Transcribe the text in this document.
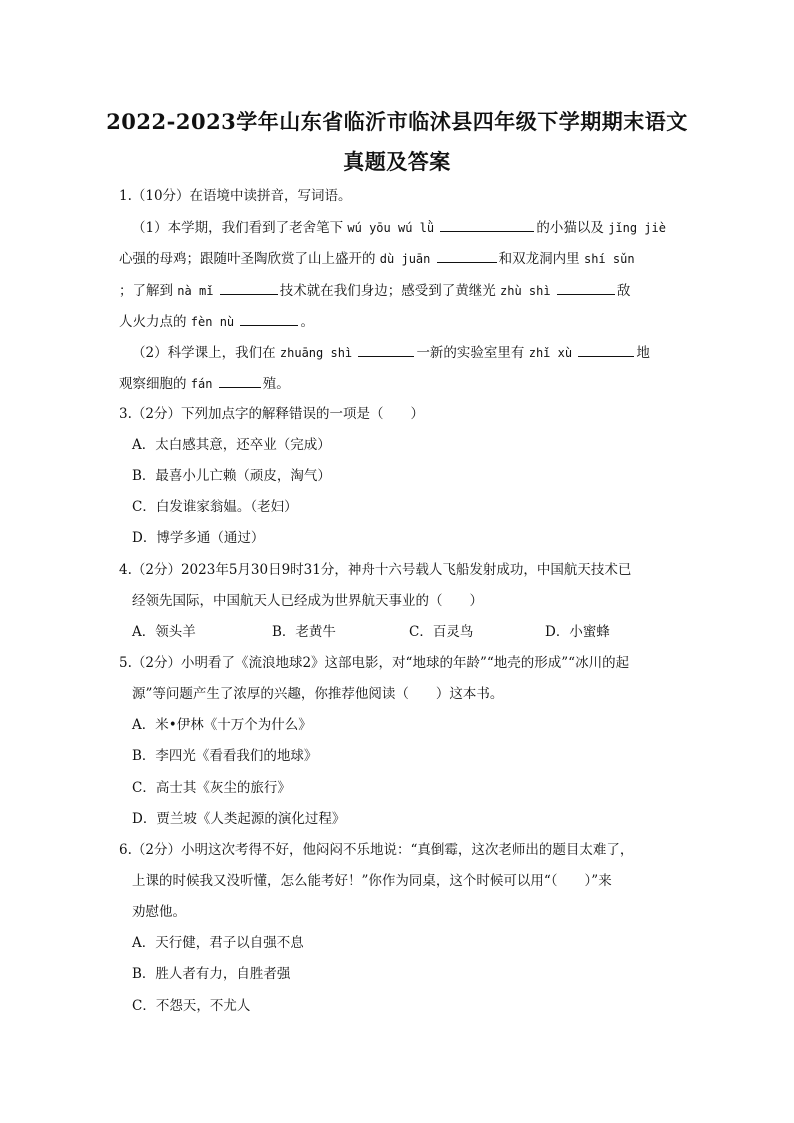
2022-2023学年山东省临沂市临沭县四年级下学期期末语文
真题及答案
1.（10分）在语境中读拼音，写词语。
（1）本学期，我们看到了老舍笔下 wú yōu wú lǜ	的小猫以及 jǐng jiè
心强的母鸡；跟随叶圣陶欣赏了山上盛开的 dù juān	和双龙洞内里 shí sǔn
；了解到 nà mǐ	技术就在我们身边；感受到了黄继光 zhù shì	敌
人火力点的 fèn nù	。
（2）科学课上，我们在 zhuāng shì	一新的实验室里有 zhǐ xù	地
观察细胞的 fán	殖。
3.（2分）下列加点字的解释错误的一项是（　　）
A．太白感其意，还卒业（完成）
B．最喜小儿亡赖（顽皮，淘气）
C．白发谁家翁媪。（老妇）
D．博学多通（通过）
4.（2分）2023年5月30日9时31分，神舟十六号载人飞船发射成功，中国航天技术已
经领先国际，中国航天人已经成为世界航天事业的（　　）
A．领头羊	B．老黄牛	C．百灵鸟	D．小蜜蜂
5.（2分）小明看了《流浪地球2》这部电影，对“地球的年龄”“地壳的形成”“冰川的起
源”等问题产生了浓厚的兴趣，你推荐他阅读（　　）这本书。
A．米•伊林《十万个为什么》
B．李四光《看看我们的地球》
C．高士其《灰尘的旅行》
D．贾兰坡《人类起源的演化过程》
6.（2分）小明这次考得不好，他闷闷不乐地说：“真倒霉，这次老师出的题目太难了，
上课的时候我又没听懂，怎么能考好！”你作为同桌，这个时候可以用“（　　）”来
劝慰他。
A．天行健，君子以自强不息
B．胜人者有力，自胜者强
C．不怨天，不尤人
